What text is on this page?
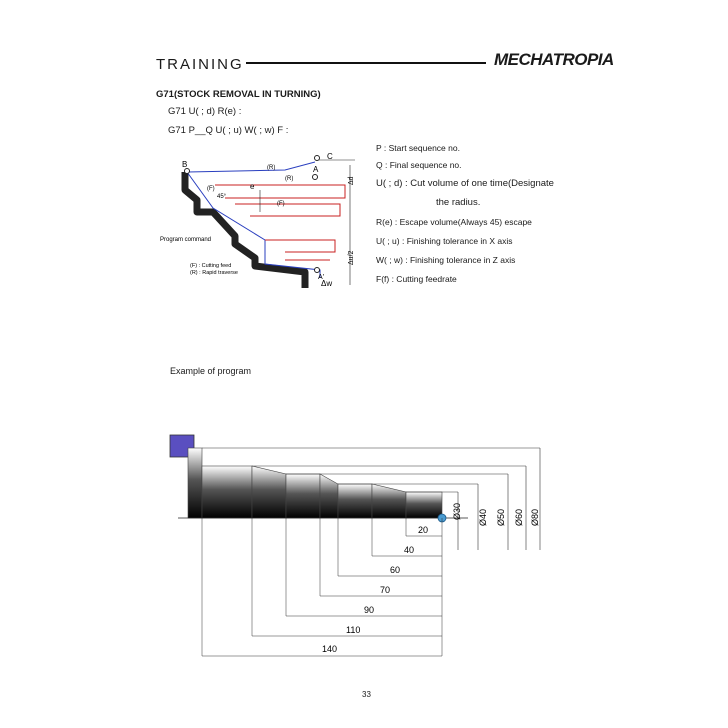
TRAINING	MECHATROPIA
G71(STOCK REMOVAL IN TURNING)
G71 U( ; d) R(e) :
G71 P__Q U( ; u) W( ; w) F :
B
C
A
A'
e
45°
(F)
(F)
(R)
(R)	Δd
Δu/2
Δw
Program command
(F) : Cutting feed
(R) : Rapid traverse
P : Start sequence no.
Q : Final sequence no.
U( ; d) : Cut volume of one time(Designate
the radius.
R(e) : Escape volume(Always 45) escape
U( ; u) : Finishing tolerance in X axis
W( ; w) : Finishing tolerance in Z axis
F(f) : Cutting feedrate
Example of program
Ø30 Ø40 Ø50 Ø60 Ø80
20
40
60
70
90
110
140
33
